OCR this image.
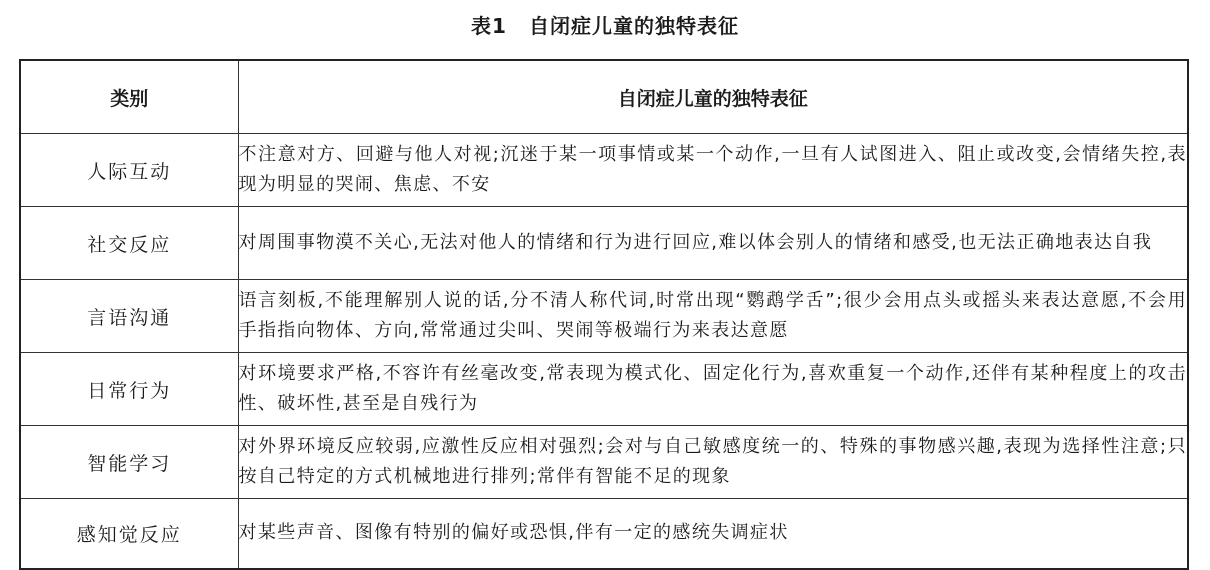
表1 自闭症儿童的独特表征
类别	自闭症儿童的独特表征
人际互动	不注意对方、回避与他人对视;沉迷于某一项事情或某一个动作,一旦有人试图进入、阻止或改变,会情绪失控,表现为明显的哭闹、焦虑、不安
社交反应	对周围事物漠不关心,无法对他人的情绪和行为进行回应,难以体会别人的情绪和感受,也无法正确地表达自我
言语沟通	语言刻板,不能理解别人说的话,分不清人称代词,时常出现“鹦鹉学舌”;很少会用点头或摇头来表达意愿,不会用手指指向物体、方向,常常通过尖叫、哭闹等极端行为来表达意愿
日常行为	对环境要求严格,不容许有丝毫改变,常表现为模式化、固定化行为,喜欢重复一个动作,还伴有某种程度上的攻击性、破坏性,甚至是自残行为
智能学习	对外界环境反应较弱,应激性反应相对强烈;会对与自己敏感度统一的、特殊的事物感兴趣,表现为选择性注意;只按自己特定的方式机械地进行排列;常伴有智能不足的现象
感知觉反应	对某些声音、图像有特别的偏好或恐惧,伴有一定的感统失调症状
